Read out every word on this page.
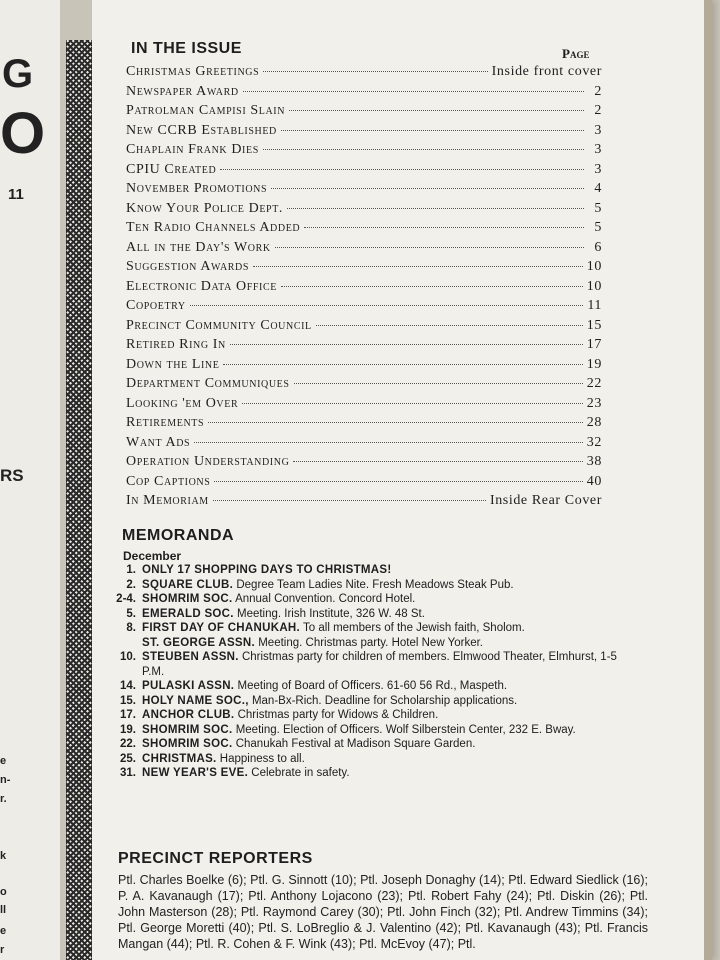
G
O
11
RS
e
n-
r.
k
o
ll
e
r
IN THE ISSUE	Page
Christmas Greetings	Inside front cover
Newspaper Award	2
Patrolman Campisi Slain	2
New CCRB Established	3
Chaplain Frank Dies	3
CPIU Created	3
November Promotions	4
Know Your Police Dept.	5
Ten Radio Channels Added	5
All in the Day's Work	6
Suggestion Awards	10
Electronic Data Office	10
Copoetry	11
Precinct Community Council	15
Retired Ring In	17
Down the Line	19
Department Communiques	22
Looking 'em Over	23
Retirements	28
Want Ads	32
Operation Understanding	38
Cop Captions	40
In Memoriam	Inside Rear Cover
MEMORANDA
December
1. ONLY 17 SHOPPING DAYS TO CHRISTMAS!
2. SQUARE CLUB. Degree Team Ladies Nite. Fresh Meadows Steak Pub.
2-4. SHOMRIM SOC. Annual Convention. Concord Hotel.
5. EMERALD SOC. Meeting. Irish Institute, 326 W. 48 St.
8. FIRST DAY OF CHANUKAH. To all members of the Jewish faith, Sholom.
ST. GEORGE ASSN. Meeting. Christmas party. Hotel New Yorker.
10. STEUBEN ASSN. Christmas party for children of members. Elmwood Theater, Elmhurst, 1-5 P.M.
14. PULASKI ASSN. Meeting of Board of Officers. 61-60 56 Rd., Maspeth.
15. HOLY NAME SOC., Man-Bx-Rich. Deadline for Scholarship applications.
17. ANCHOR CLUB. Christmas party for Widows & Children.
19. SHOMRIM SOC. Meeting. Election of Officers. Wolf Silberstein Center, 232 E. Bway.
22. SHOMRIM SOC. Chanukah Festival at Madison Square Garden.
25. CHRISTMAS. Happiness to all.
31. NEW YEAR'S EVE. Celebrate in safety.
PRECINCT REPORTERS
Ptl. Charles Boelke (6); Ptl. G. Sinnott (10); Ptl. Joseph Donaghy (14); Ptl. Edward Siedlick (16); P. A. Kavanaugh (17); Ptl. Anthony Lojacono (23); Ptl. Robert Fahy (24); Ptl. Diskin (26); Ptl. John Masterson (28); Ptl. Raymond Carey (30); Ptl. John Finch (32); Ptl. Andrew Timmins (34); Ptl. George Moretti (40); Ptl. S. LoBreglio & J. Valentino (42); Ptl. Kavanaugh (43); Ptl. Francis Mangan (44); Ptl. R. Cohen & F. Wink (43); Ptl. McEvoy (47); Ptl.
